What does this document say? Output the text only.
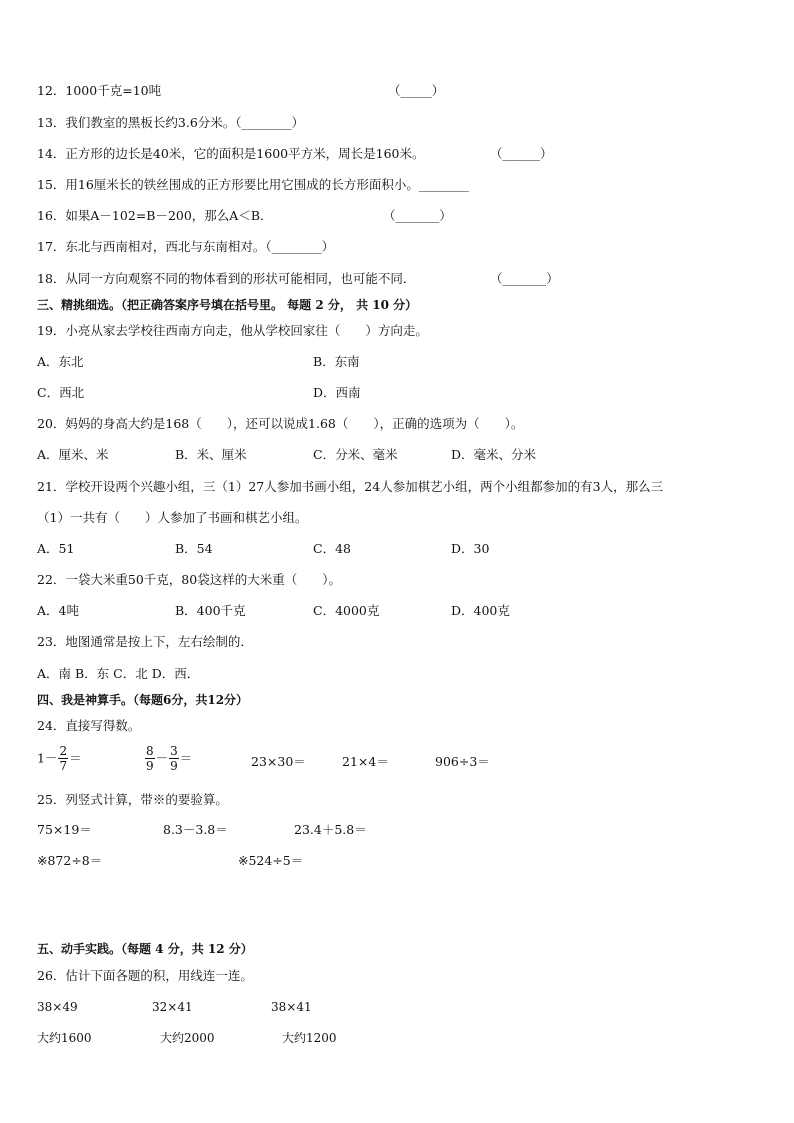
12．1000千克=10吨	（_____）
13．我们教室的黑板长约3.6分米。（________）
14．正方形的边长是40米，它的面积是1600平方米，周长是160米。	（______）
15．用16厘米长的铁丝围成的正方形要比用它围成的长方形面积小。________
16．如果A－102=B－200，那么A＜B．	（_______）
17．东北与西南相对，西北与东南相对。（________）
18．从同一方向观察不同的物体看到的形状可能相同，也可能不同．	（_______）
三、精挑细选。（把正确答案序号填在括号里。 每题 2 分， 共 10 分）
19．小亮从家去学校往西南方向走，他从学校回家往（　　）方向走。
A．东北	B．东南
C．西北	D．西南
20．妈妈的身高大约是168（　　），还可以说成1.68（　　），正确的选项为（　　）。
A．厘米、米	B．米、厘米	C．分米、毫米	D．毫米、分米
21．学校开设两个兴趣小组，三（1）27人参加书画小组，24人参加棋艺小组，两个小组都参加的有3人，那么三
（1）一共有（　　）人参加了书画和棋艺小组。
A．51	B．54	C．48	D．30
22．一袋大米重50千克，80袋这样的大米重（　　）。
A．4吨	B．400千克	C．4000克	D．400克
23．地图通常是按上下，左右绘制的．
A．南 B．东 C．北 D．西．
四、我是神算手。（每题6分，共12分）
24．直接写得数。
$1- \frac{2}{7}$ ＝	$\frac{8}{9} - \frac{3}{9}$ ＝	23×30＝	21×4＝	906÷3＝
25．列竖式计算，带※的要验算。
75×19＝	8.3－3.8＝	23.4＋5.8＝
※872÷8＝	※524÷5＝
五、动手实践。（每题 4 分，共 12 分）
26．估计下面各题的积，用线连一连。
38×49	32×41	38×41
大约1600	大约2000	大约1200
